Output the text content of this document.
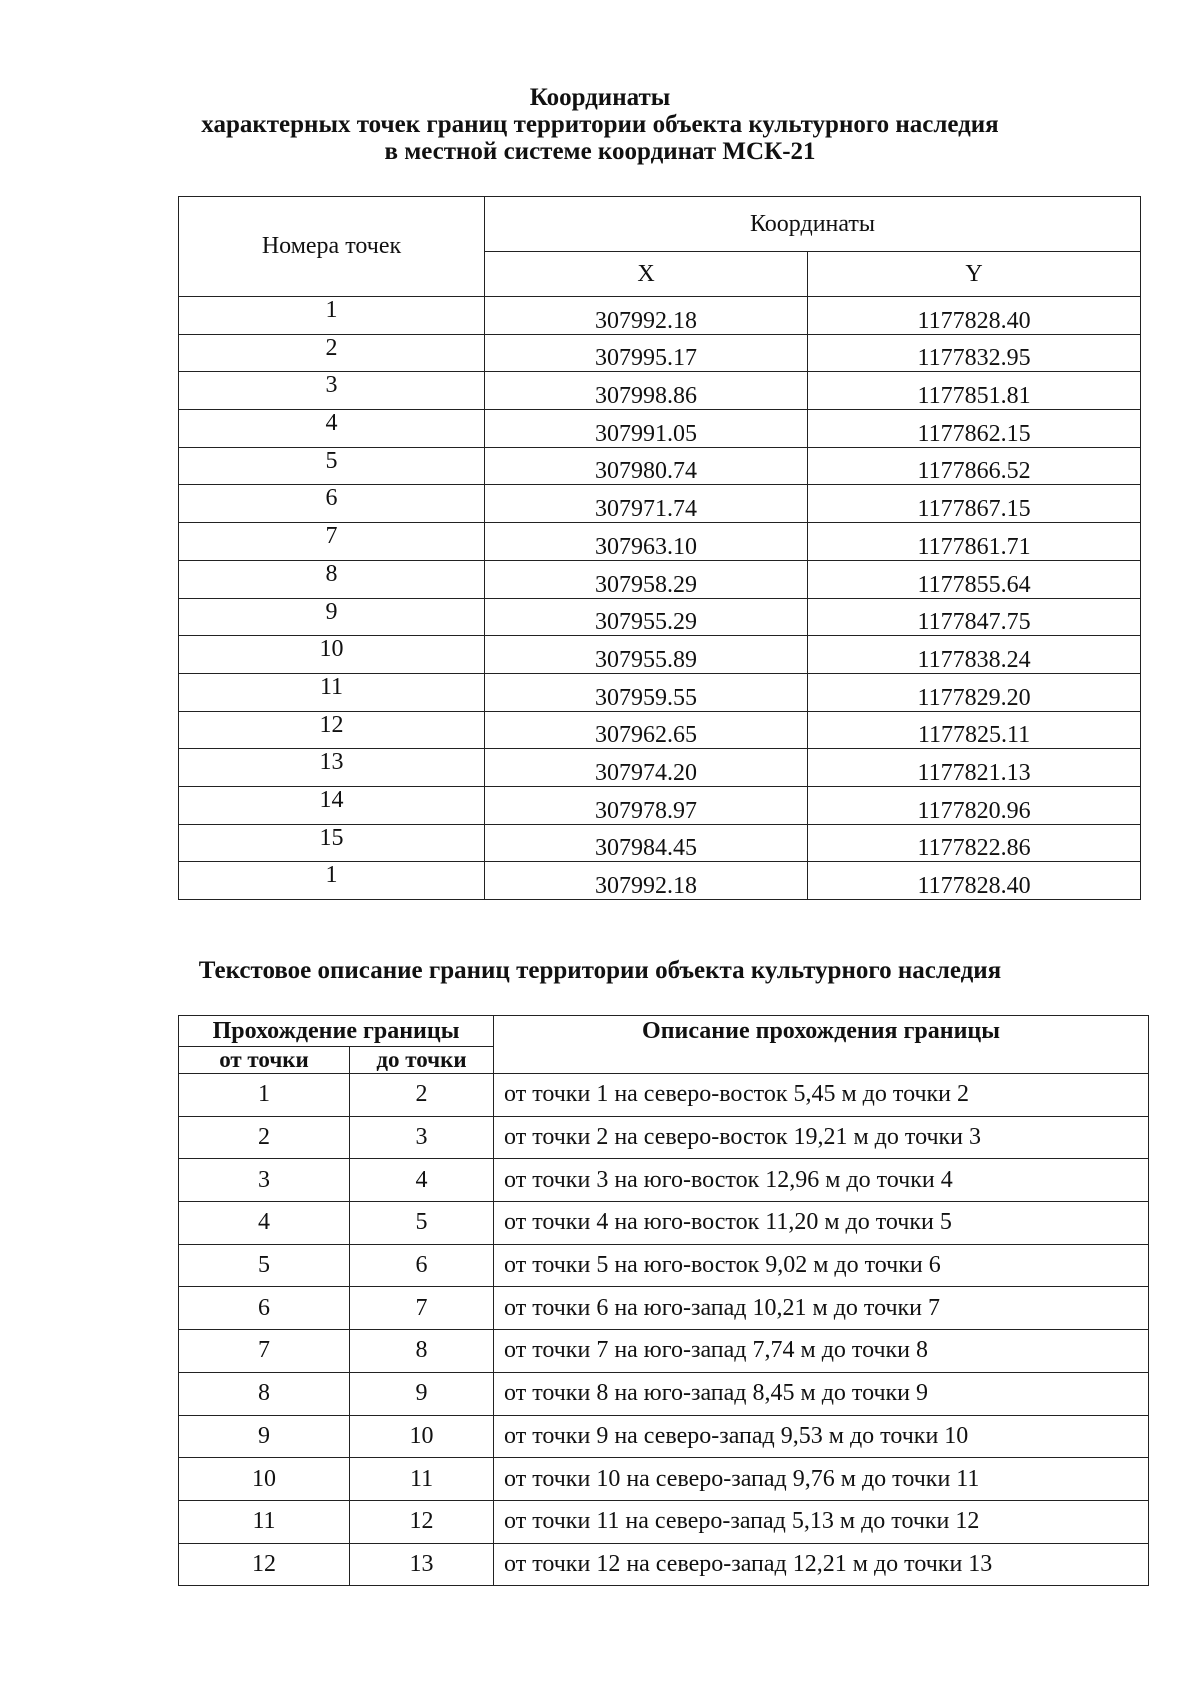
Координаты
характерных точек границ территории объекта культурного наследия
в местной системе координат МСК-21
Номера точек	Координаты	
	X	Y
1	307992.18	1177828.40
2	307995.17	1177832.95
3	307998.86	1177851.81
4	307991.05	1177862.15
5	307980.74	1177866.52
6	307971.74	1177867.15
7	307963.10	1177861.71
8	307958.29	1177855.64
9	307955.29	1177847.75
10	307955.89	1177838.24
11	307959.55	1177829.20
12	307962.65	1177825.11
13	307974.20	1177821.13
14	307978.97	1177820.96
15	307984.45	1177822.86
1	307992.18	1177828.40
Текстовое описание границ территории объекта культурного наследия
Прохождение границы		Описание прохождения границы
от точки	до точки	
1	2	от точки 1 на северо-восток 5,45 м до точки 2
2	3	от точки 2 на северо-восток 19,21 м до точки 3
3	4	от точки 3 на юго-восток 12,96 м до точки 4
4	5	от точки 4 на юго-восток 11,20 м до точки 5
5	6	от точки 5 на юго-восток 9,02 м до точки 6
6	7	от точки 6 на юго-запад 10,21 м до точки 7
7	8	от точки 7 на юго-запад 7,74 м до точки 8
8	9	от точки 8 на юго-запад 8,45 м до точки 9
9	10	от точки 9 на северо-запад 9,53 м до точки 10
10	11	от точки 10 на северо-запад 9,76 м до точки 11
11	12	от точки 11 на северо-запад 5,13 м до точки 12
12	13	от точки 12 на северо-запад 12,21 м до точки 13
